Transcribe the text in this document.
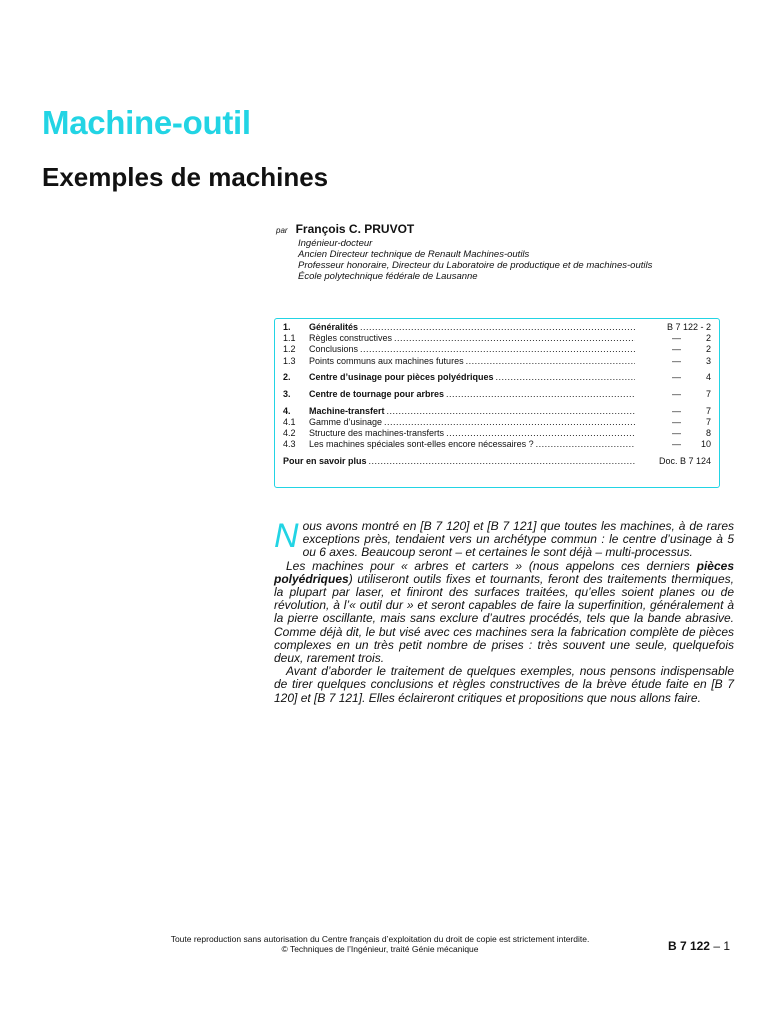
Machine-outil
Exemples de machines
par François C. PRUVOT
Ingénieur-docteur
Ancien Directeur technique de Renault Machines-outils
Professeur honoraire, Directeur du Laboratoire de productique et de machines-outils
École polytechnique fédérale de Lausanne
1.	Généralités .....	B 7 122 - 2
1.1	Règles constructives .....	—	2
1.2	Conclusions .....	—	2
1.3	Points communs aux machines futures .....	—	3
2.	Centre d’usinage pour pièces polyédriques .....	—	4
3.	Centre de tournage pour arbres .....	—	7
4.	Machine-transfert .....	—	7
4.1	Gamme d’usinage .....	—	7
4.2	Structure des machines-transferts .....	—	8
4.3	Les machines spéciales sont-elles encore nécessaires ? .....	— 10
Pour en savoir plus .....	Doc. B 7 124

Nous avons montré en [B 7 120] et [B 7 121] que toutes les machines, à de rares exceptions près, tendaient vers un archétype commun : le centre d’usinage à 5 ou 6 axes. Beaucoup seront – et certaines le sont déjà – multi-processus.

Les machines pour « arbres et carters » (nous appelons ces derniers pièces polyédriques) utiliseront outils fixes et tournants, feront des traitements thermiques, la plupart par laser, et finiront des surfaces traitées, qu’elles soient planes ou de révolution, à l’« outil dur » et seront capables de faire la superfinition, généralement à la pierre oscillante, mais sans exclure d’autres procédés, tels que la bande abrasive. Comme déjà dit, le but visé avec ces machines sera la fabrication complète de pièces complexes en un très petit nombre de prises : très souvent une seule, quelquefois deux, rarement trois.

Avant d’aborder le traitement de quelques exemples, nous pensons indispensable de tirer quelques conclusions et règles constructives de la brève étude faite en [B 7 120] et [B 7 121]. Elles éclaireront critiques et propositions que nous allons faire.

Toute reproduction sans autorisation du Centre français d’exploitation du droit de copie est strictement interdite.
© Techniques de l’Ingénieur, traité Génie mécanique	B 7 122 – 1
